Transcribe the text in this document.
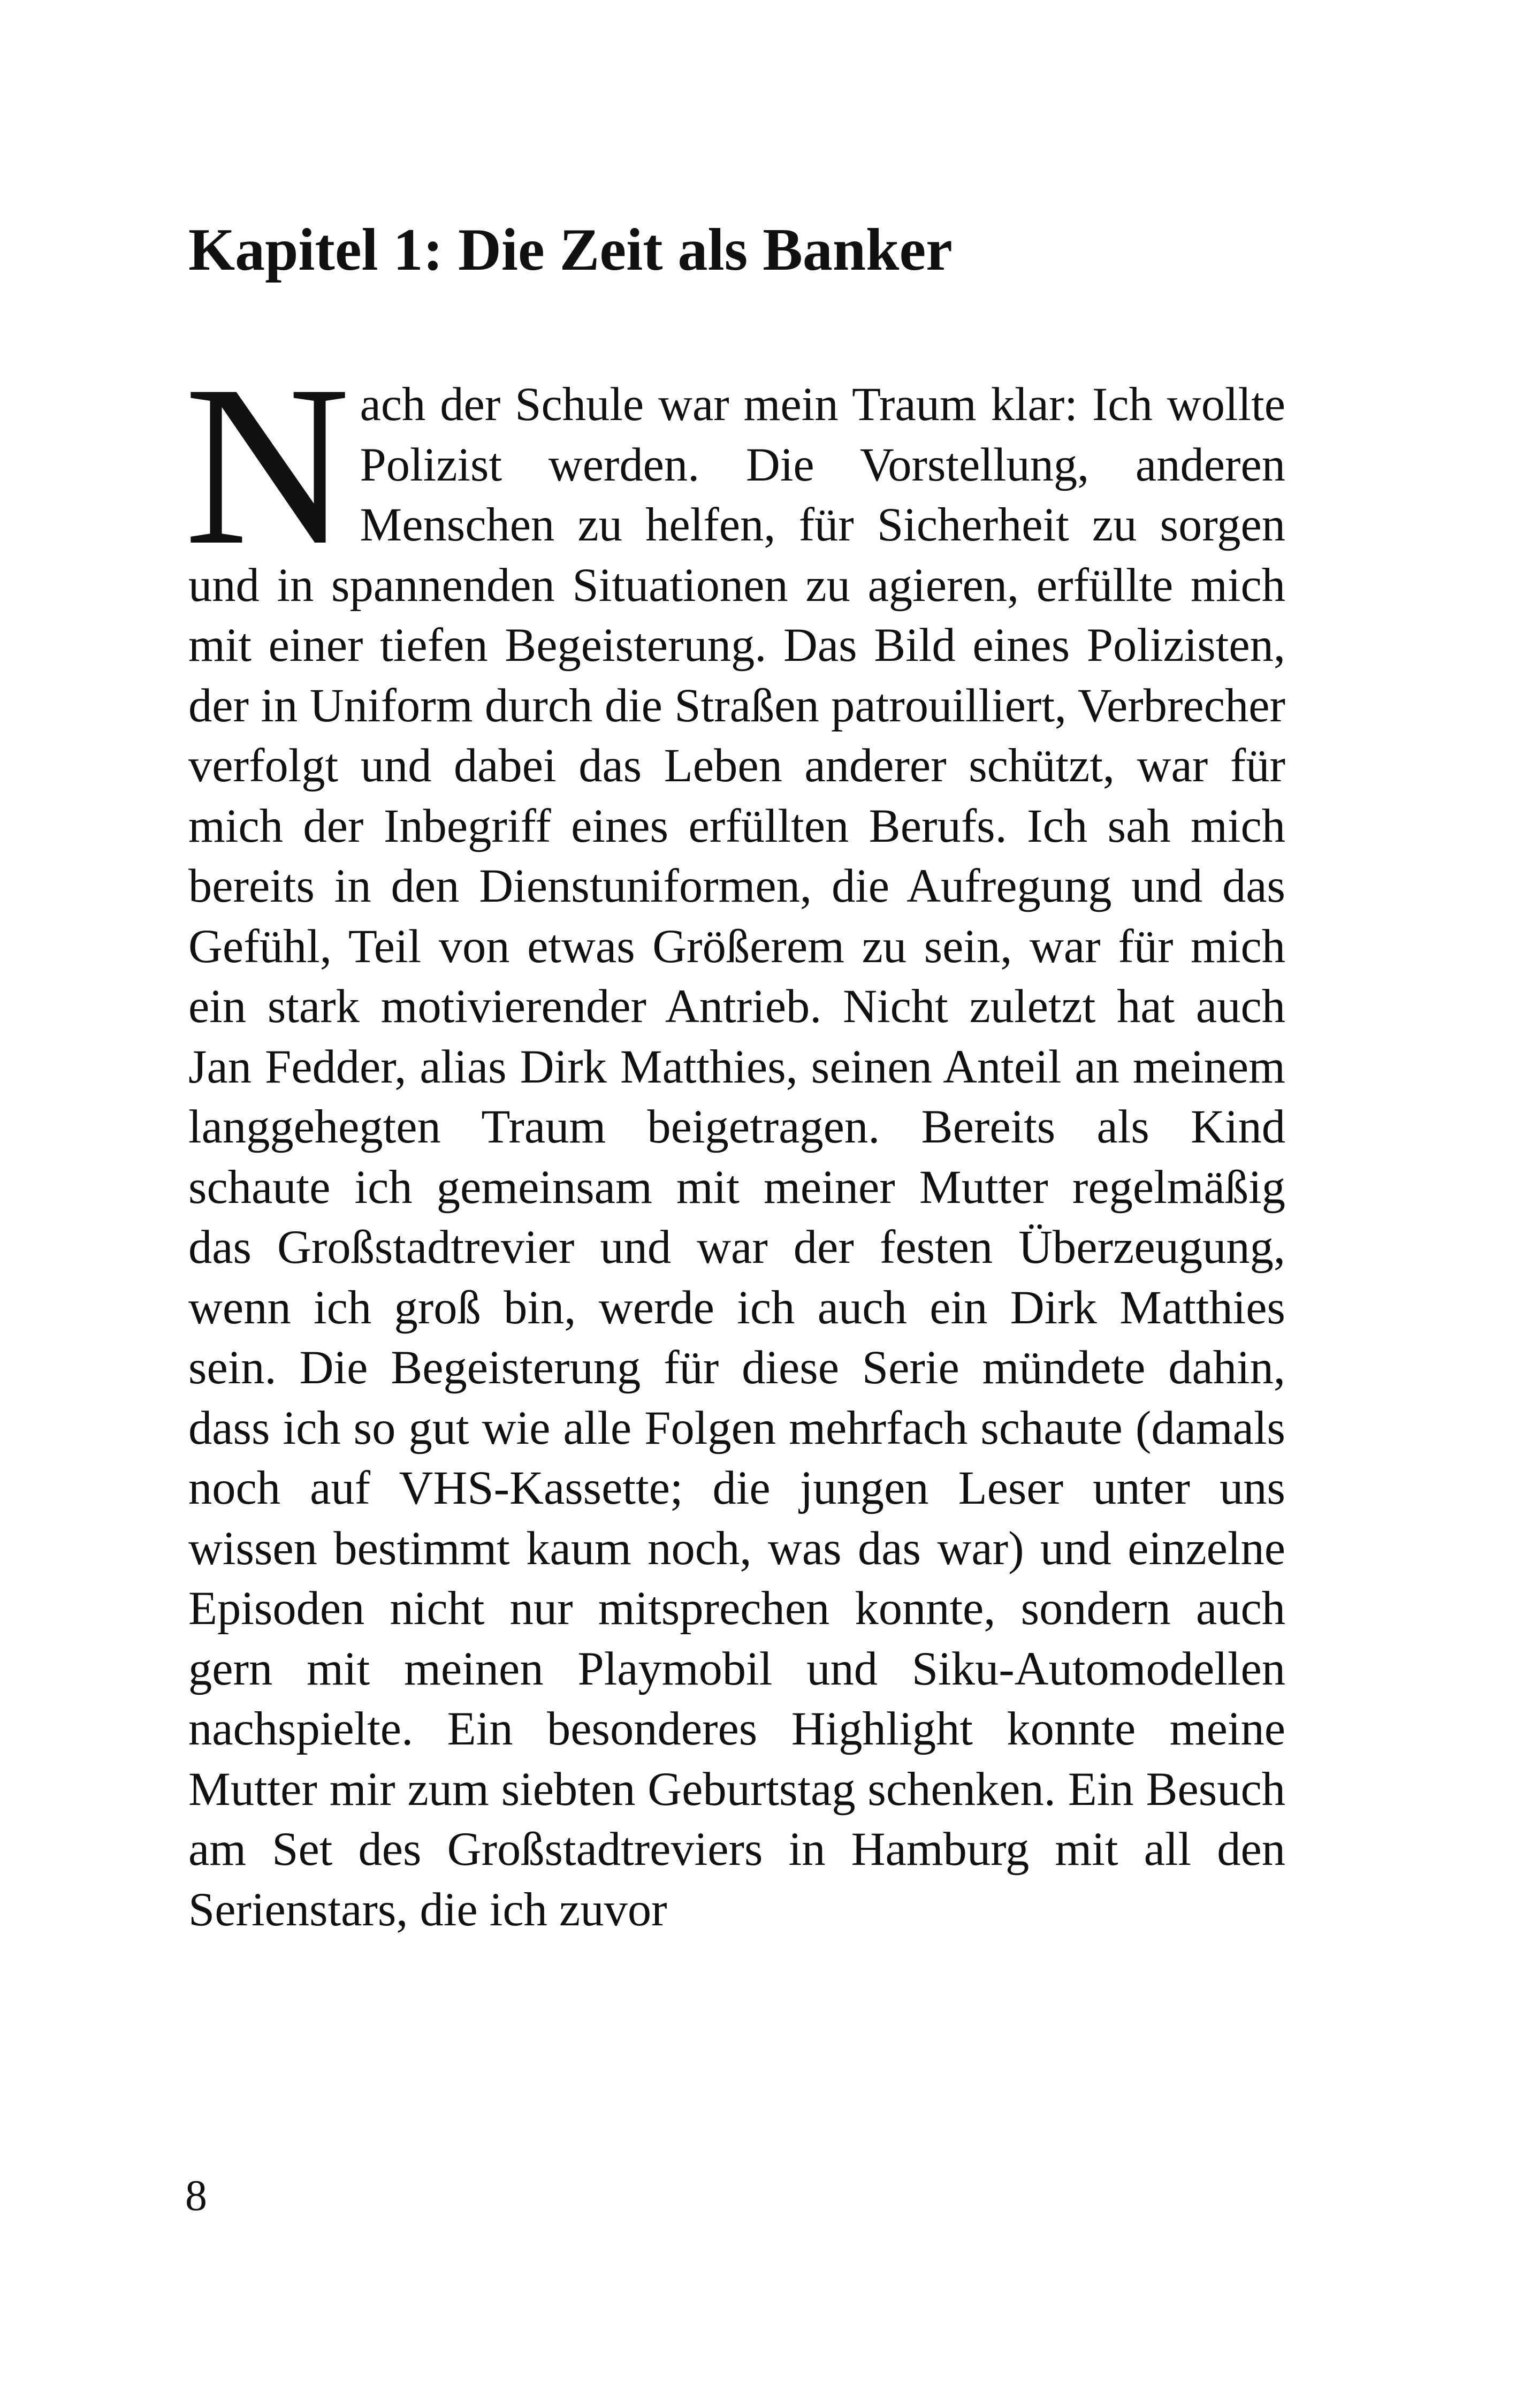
Kapitel 1: Die Zeit als Banker

Nach der Schule war mein Traum klar: Ich wollte Polizist werden. Die Vorstellung, anderen Menschen zu helfen, für Sicherheit zu sorgen und in spannenden Situationen zu agieren, erfüllte mich mit einer tiefen Begeisterung. Das Bild eines Polizisten, der in Uniform durch die Straßen patrouilliert, Verbrecher verfolgt und dabei das Leben anderer schützt, war für mich der Inbegriff eines erfüllten Berufs. Ich sah mich bereits in den Dienstuniformen, die Aufregung und das Gefühl, Teil von etwas Größerem zu sein, war für mich ein stark motivierender Antrieb. Nicht zuletzt hat auch Jan Fedder, alias Dirk Matthies, seinen Anteil an meinem langgehegten Traum beigetragen. Bereits als Kind schaute ich gemeinsam mit meiner Mutter regelmäßig das Großstadtrevier und war der festen Überzeugung, wenn ich groß bin, werde ich auch ein Dirk Matthies sein. Die Begeisterung für diese Serie mündete dahin, dass ich so gut wie alle Folgen mehrfach schaute (damals noch auf VHS-Kassette; die jungen Leser unter uns wissen bestimmt kaum noch, was das war) und einzelne Episoden nicht nur mitsprechen konnte, sondern auch gern mit meinen Playmobil und Siku-Automodellen nachspielte. Ein besonderes Highlight konnte meine Mutter mir zum siebten Geburtstag schenken. Ein Besuch am Set des Großstadtreviers in Hamburg mit all den Serienstars, die ich zuvor

8
